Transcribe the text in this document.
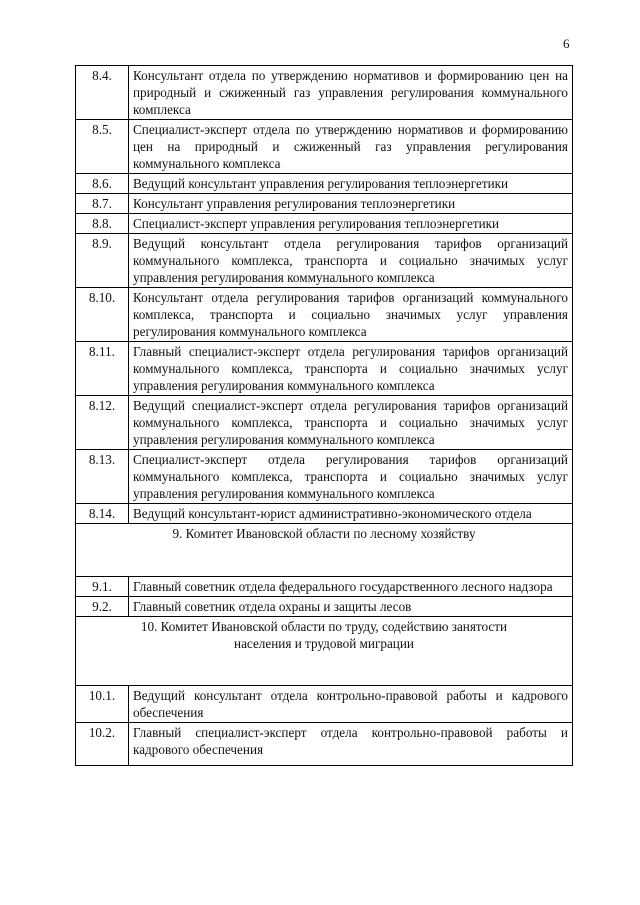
6
8.4.	Консультант отдела по утверждению нормативов и формированию цен на природный и сжиженный газ управления регулирования коммунального комплекса
8.5.	Специалист-эксперт отдела по утверждению нормативов и формированию цен на природный и сжиженный газ управления регулирования коммунального комплекса
8.6.	Ведущий консультант управления регулирования теплоэнергетики
8.7.	Консультант управления регулирования теплоэнергетики
8.8.	Специалист-эксперт управления регулирования теплоэнергетики
8.9.	Ведущий консультант отдела регулирования тарифов организаций коммунального комплекса, транспорта и социально значимых услуг управления регулирования коммунального комплекса
8.10.	Консультант отдела регулирования тарифов организаций коммунального комплекса, транспорта и социально значимых услуг управления регулирования коммунального комплекса
8.11.	Главный специалист-эксперт отдела регулирования тарифов организаций коммунального комплекса, транспорта и социально значимых услуг управления регулирования коммунального комплекса
8.12.	Ведущий специалист-эксперт отдела регулирования тарифов организаций коммунального комплекса, транспорта и социально значимых услуг управления регулирования коммунального комплекса
8.13.	Специалист-эксперт отдела регулирования тарифов организаций коммунального комплекса, транспорта и социально значимых услуг управления регулирования коммунального комплекса
8.14.	Ведущий консультант-юрист административно-экономического отдела
9. Комитет Ивановской области по лесному хозяйству	
9.1.	Главный советник отдела федерального государственного лесного надзора
9.2.	Главный советник отдела охраны и защиты лесов

10. Комитет Ивановской области по труду, содействию занятости
населения и трудовой миграции	

10.1.	Ведущий консультант отдела контрольно-правовой работы и кадрового обеспечения
10.2.	Главный специалист-эксперт отдела контрольно-правовой работы и кадрового обеспечения
